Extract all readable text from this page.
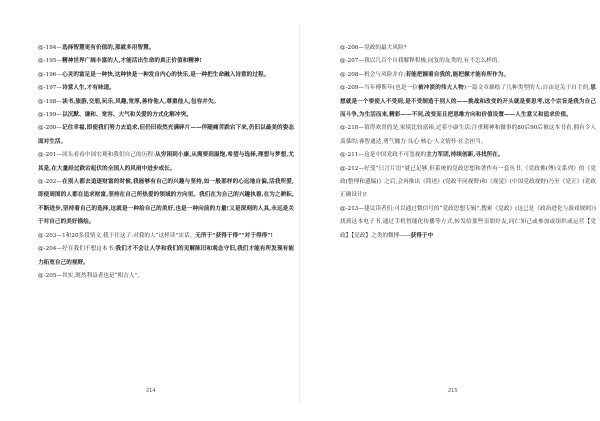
@-194—选择智慧更有价值的,那就多用智慧。

@-195—精神世界广阔丰富的人,才能活出生命的真正价值和精神!

@-196—心灵的富足是一种快,这种快是一种发自内心的快乐,是一种把生命融入诗意的过程。

@-197—诗意人生,才有味道。

@-198—读书,旅游,交朋,玩乐,风趣,宽厚,善待他人,尊重他人,包容并失。

@-199—以沉默、谦和、宽容、大气和关爱的方式化解冲突。

@-200—记住幸福,即使我们努力去追求,但仍旧依然充满碎片——伴随痛苦跌宕下来,仍旧以最美的姿态面对生活。

@-201—回头看看中国宏观和我们自己的历程:从穷困到小康,从需要到温饱,希望与选择,理想与梦想,尤其是,在大量经过跌宕起伏的全国人的风雨中进步成长。

@-202—在别人都去追逐财富的时候,我能够有自己的兴趣与坚持,如一般那样的心远地自偏,活我所爱,即使周围的人都在追求财富,坚持在自己所热爱的领域的方向里。我们在为自己的兴趣执着,在为之耕耘,不断进步,坚持着自己的选择,这就是一种给自己的美好,也是一种向前的力量!又是深刻的人具,永远是关于对自己的美好描绘。

@-203—1和20多段情文,我于往这了:对我的人“这样读”实话。无所于“获得于得”“对于得得”!

@-204—好在我们不想这本书:我们才不会让人学和我们的见解陈旧和观念守旧,我们才能有所发现有能力拓宽自己的视野。

@-205—其实,既然利益者也是“相占人”。

@-206—党政的最大风险?

@-207—我以几百个自我解释积极,同复的友类的,有不怎么样的。

@-208—机会与风险并存;若能把握着自我的,能把握才能有所作为。

@-209—当年傅斯年(也是一位被冲淡的伟大人物)一篇文章描绘了几种类型的人:自由是关于自主的,思想就是一个要使人不受到,是不受制造于别人的——挑战和改变的开头就是要思考,这个宗旨是我为自己而斗争,为生活而来,精彩——不同,改变而且把思维方向和价值设置——人生意义和追求价值。

@-210—值得欢喜的是,家境比较富裕,过着小康生活;注重精神和做事的80后90后被这本书看,拥有令人羡慕的;睿智通达,勇气魄力·良心·核心·人文情怀·社会担当。

@-211—这是中国党政不可忽视的主力军团,持续创新,寻找所在。

@-212—好受“只言片语”就已足够,但系统的党政思想和著作有一套丛书,《党政佛(博)文系列》的《党政(整理和遗编)》之后,会再推出《简述》(党政不同视野)和《视觉》(中国党政视野)乃至《党正》(党政正确设计)!

@-213—建议读者们:可以通过微信号的“党政思想专辑”,搜索《党政》(这已是《政治进化与游戏规则》)找到这本电子书,通过手机智能化传播等方式,转发给那些亲朋好友,同仁知己或参加或组织或运营【党政】【党政】之类的微博——获得于中

214	215
